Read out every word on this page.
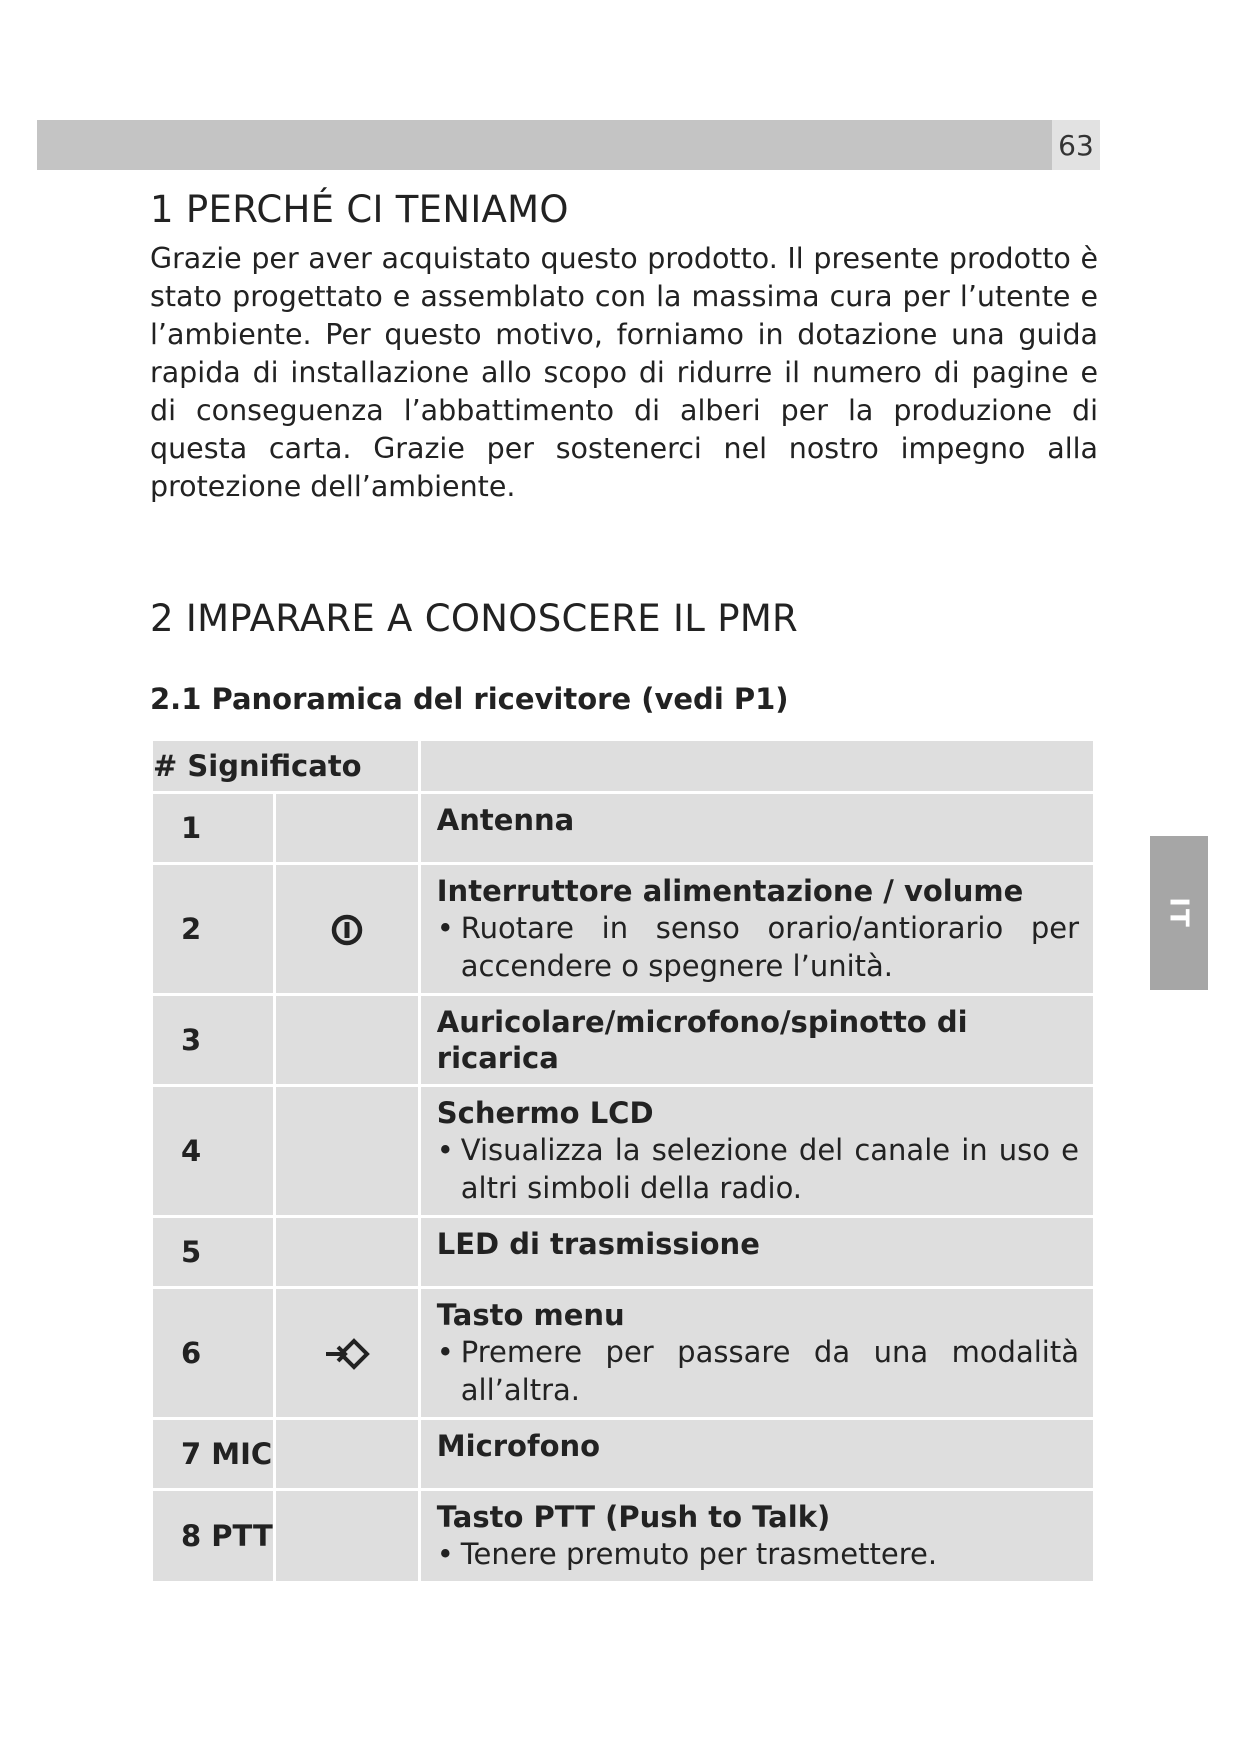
63
IT
1 PERCHÉ CI TENIAMO

Grazie per aver acquistato questo prodotto. Il presente prodotto è stato progettato e assemblato con la massima cura per l’utente e l’ambiente. Per questo motivo, forniamo in dotazione una guida rapida di installazione allo scopo di ridurre il numero di pagine e di conseguenza l’abbattimento di alberi per la produzione di questa carta. Grazie per sostenerci nel nostro impegno alla protezione dell’ambiente.

2 IMPARARE A CONOSCERE IL PMR
2.1 Panoramica del ricevitore (vedi P1)
# Significato		
1		Antenna

2		Interruttore alimentazione / volume
• Ruotare in senso orario/antiorario per accendere o spegnere l’unità.

3		Auricolare/microfono/spinotto di ricarica

4		Schermo LCD
• Visualizza la selezione del canale in uso e altri simboli della radio.

5		LED di trasmissione

6		Tasto menu
• Premere per passare da una modalità all’altra.

7 MIC		Microfono

8 PTT		Tasto PTT (Push to Talk)
• Tenere premuto per trasmettere.
